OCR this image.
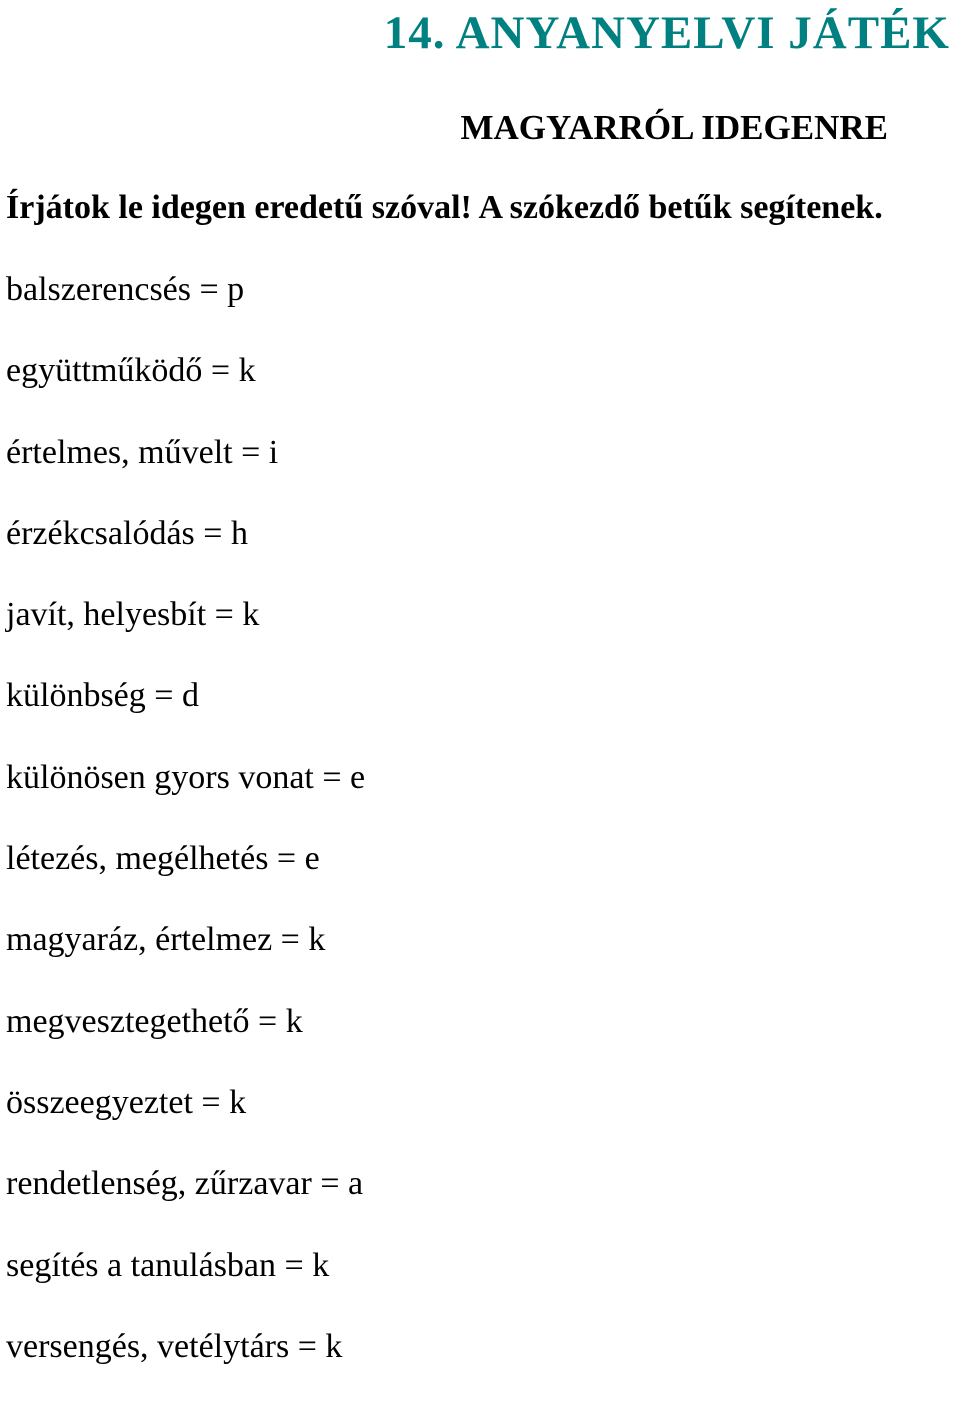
14. ANYANYELVI JÁTÉK
MAGYARRÓL IDEGENRE

Írjátok le idegen eredetű szóval! A szókezdő betűk segítenek.

balszerencsés = p
együttműködő = k
értelmes, művelt = i
érzékcsalódás = h
javít, helyesbít = k
különbség = d
különösen gyors vonat = e
létezés, megélhetés = e
magyaráz, értelmez = k
megvesztegethető = k
összeegyeztet = k
rendetlenség, zűrzavar = a
segítés a tanulásban = k
versengés, vetélytárs = k
